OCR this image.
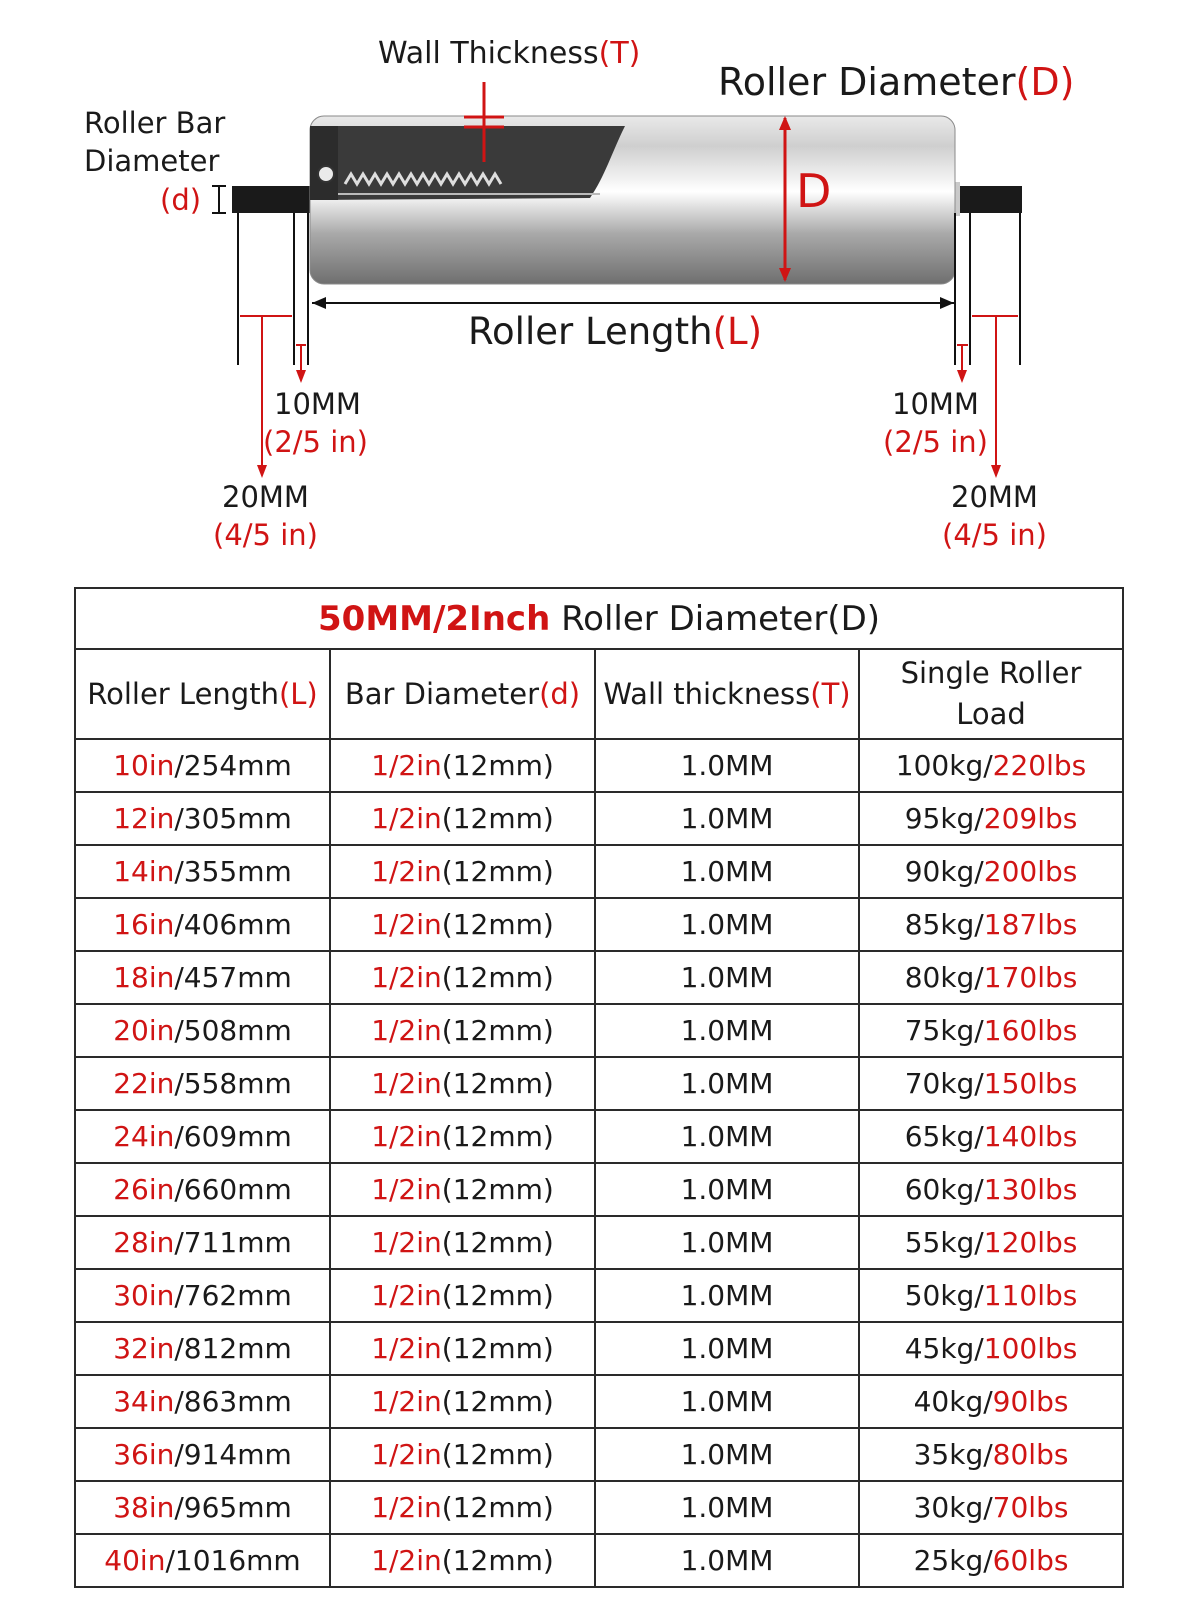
Wall Thickness(T)
Roller Diameter(D)
D
Roller Bar
Diameter
(d)
Roller Length(L)
10MM
(2/5 in)
20MM
(4/5 in)
10MM
(2/5 in)
20MM
(4/5 in)
50MM/2Inch Roller Diameter(D)			
Roller Length(L)	Bar Diameter(d)	Wall thickness(T)	Single Roller
Load
10in/254mm	1/2in(12mm)	1.0MM	100kg/220lbs
12in/305mm	1/2in(12mm)	1.0MM	95kg/209lbs
14in/355mm	1/2in(12mm)	1.0MM	90kg/200lbs
16in/406mm	1/2in(12mm)	1.0MM	85kg/187lbs
18in/457mm	1/2in(12mm)	1.0MM	80kg/170lbs
20in/508mm	1/2in(12mm)	1.0MM	75kg/160lbs
22in/558mm	1/2in(12mm)	1.0MM	70kg/150lbs
24in/609mm	1/2in(12mm)	1.0MM	65kg/140lbs
26in/660mm	1/2in(12mm)	1.0MM	60kg/130lbs
28in/711mm	1/2in(12mm)	1.0MM	55kg/120lbs
30in/762mm	1/2in(12mm)	1.0MM	50kg/110lbs
32in/812mm	1/2in(12mm)	1.0MM	45kg/100lbs
34in/863mm	1/2in(12mm)	1.0MM	40kg/90lbs
36in/914mm	1/2in(12mm)	1.0MM	35kg/80lbs
38in/965mm	1/2in(12mm)	1.0MM	30kg/70lbs
40in/1016mm	1/2in(12mm)	1.0MM	25kg/60lbs
